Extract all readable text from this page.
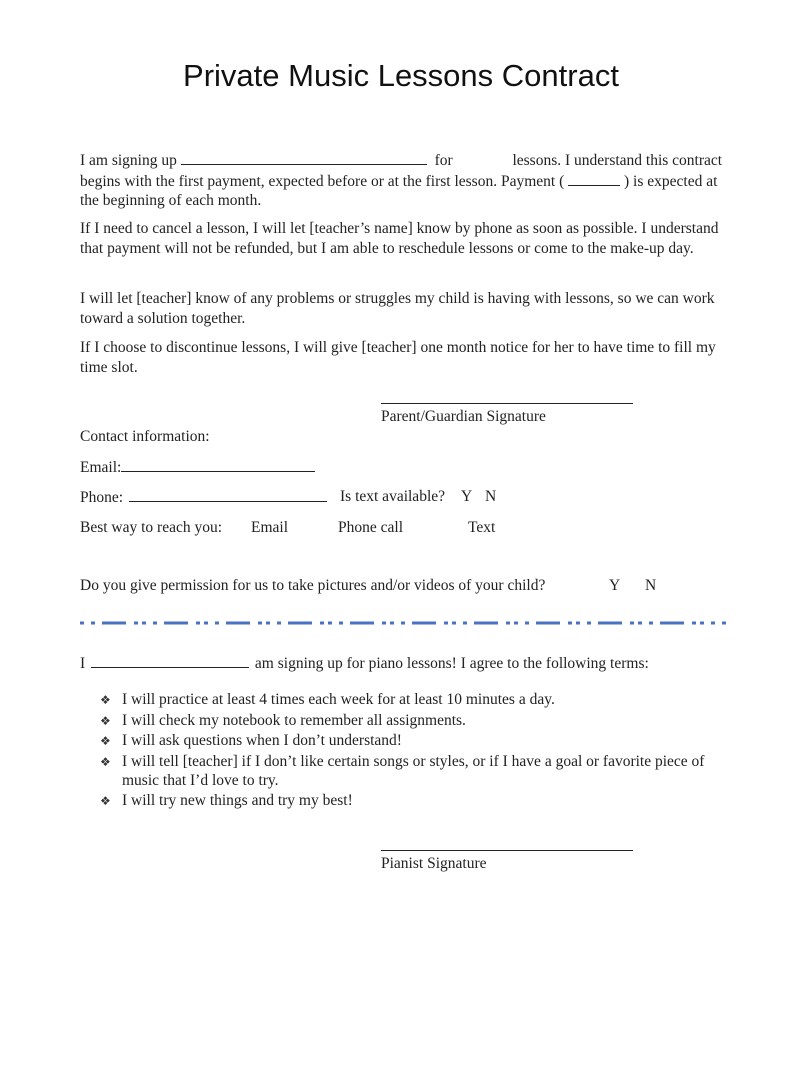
Private Music Lessons Contract
I am signing up	for	lessons. I understand this contract begins with the first payment, expected before or at the first lesson. Payment (	) is expected at the beginning of each month.
If I need to cancel a lesson, I will let [teacher’s name] know by phone as soon as possible. I understand that payment will not be refunded, but I am able to reschedule lessons or come to the make-up day.
I will let [teacher] know of any problems or struggles my child is having with lessons, so we can work toward a solution together.
If I choose to discontinue lessons, I will give [teacher] one month notice for her to have time to fill my time slot.
Parent/Guardian Signature
Contact information:
Email:
Phone:	Is text available? Y N
Best way to reach you: Email	Phone call	Text
Do you give permission for us to take pictures and/or videos of your child?	Y N
I	am signing up for piano lessons! I agree to the following terms:
❖ I will practice at least 4 times each week for at least 10 minutes a day.
❖ I will check my notebook to remember all assignments.
❖ I will ask questions when I don’t understand!
❖ I will tell [teacher] if I don’t like certain songs or styles, or if I have a goal or favorite piece of music that I’d love to try.
❖ I will try new things and try my best!
Pianist Signature
